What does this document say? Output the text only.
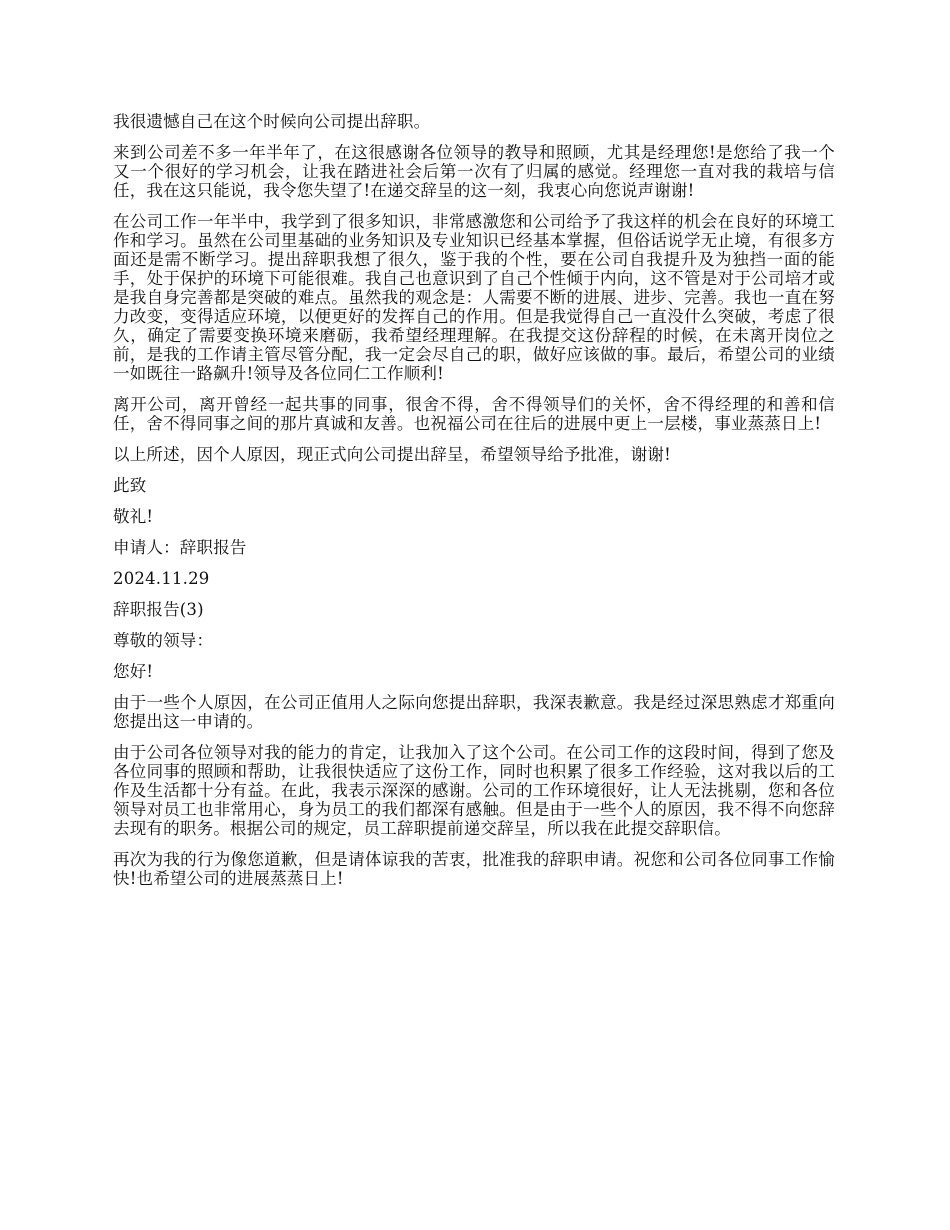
我很遗憾自己在这个时候向公司提出辞职。

来到公司差不多一年半年了，在这很感谢各位领导的教导和照顾，尤其是经理您!是您给了我一个又一个很好的学习机会，让我在踏进社会后第一次有了归属的感觉。经理您一直对我的栽培与信任，我在这只能说，我令您失望了!在递交辞呈的这一刻，我衷心向您说声谢谢!

在公司工作一年半中，我学到了很多知识，非常感激您和公司给予了我这样的机会在良好的环境工作和学习。虽然在公司里基础的业务知识及专业知识已经基本掌握，但俗话说学无止境，有很多方面还是需不断学习。提出辞职我想了很久，鉴于我的个性，要在公司自我提升及为独挡一面的能手，处于保护的环境下可能很难。我自己也意识到了自己个性倾于内向，这不管是对于公司培才或是我自身完善都是突破的难点。虽然我的观念是：人需要不断的进展、进步、完善。我也一直在努力改变，变得适应环境，以便更好的发挥自己的作用。但是我觉得自己一直没什么突破，考虑了很久，确定了需要变换环境来磨砺，我希望经理理解。在我提交这份辞程的时候，在未离开岗位之前，是我的工作请主管尽管分配，我一定会尽自己的职，做好应该做的事。最后，希望公司的业绩一如既往一路飙升!领导及各位同仁工作顺利!

离开公司，离开曾经一起共事的同事，很舍不得，舍不得领导们的关怀，舍不得经理的和善和信任，舍不得同事之间的那片真诚和友善。也祝福公司在往后的进展中更上一层楼，事业蒸蒸日上!

以上所述，因个人原因，现正式向公司提出辞呈，希望领导给予批准，谢谢!

此致

敬礼!

申请人：辞职报告

2024.11.29

辞职报告(3)

尊敬的领导：

您好!

由于一些个人原因，在公司正值用人之际向您提出辞职，我深表歉意。我是经过深思熟虑才郑重向您提出这一申请的。

由于公司各位领导对我的能力的肯定，让我加入了这个公司。在公司工作的这段时间，得到了您及各位同事的照顾和帮助，让我很快适应了这份工作，同时也积累了很多工作经验，这对我以后的工作及生活都十分有益。在此，我表示深深的感谢。公司的工作环境很好，让人无法挑剔，您和各位领导对员工也非常用心，身为员工的我们都深有感触。但是由于一些个人的原因，我不得不向您辞去现有的职务。根据公司的规定，员工辞职提前递交辞呈，所以我在此提交辞职信。

再次为我的行为像您道歉，但是请体谅我的苦衷，批准我的辞职申请。祝您和公司各位同事工作愉快!也希望公司的进展蒸蒸日上!
